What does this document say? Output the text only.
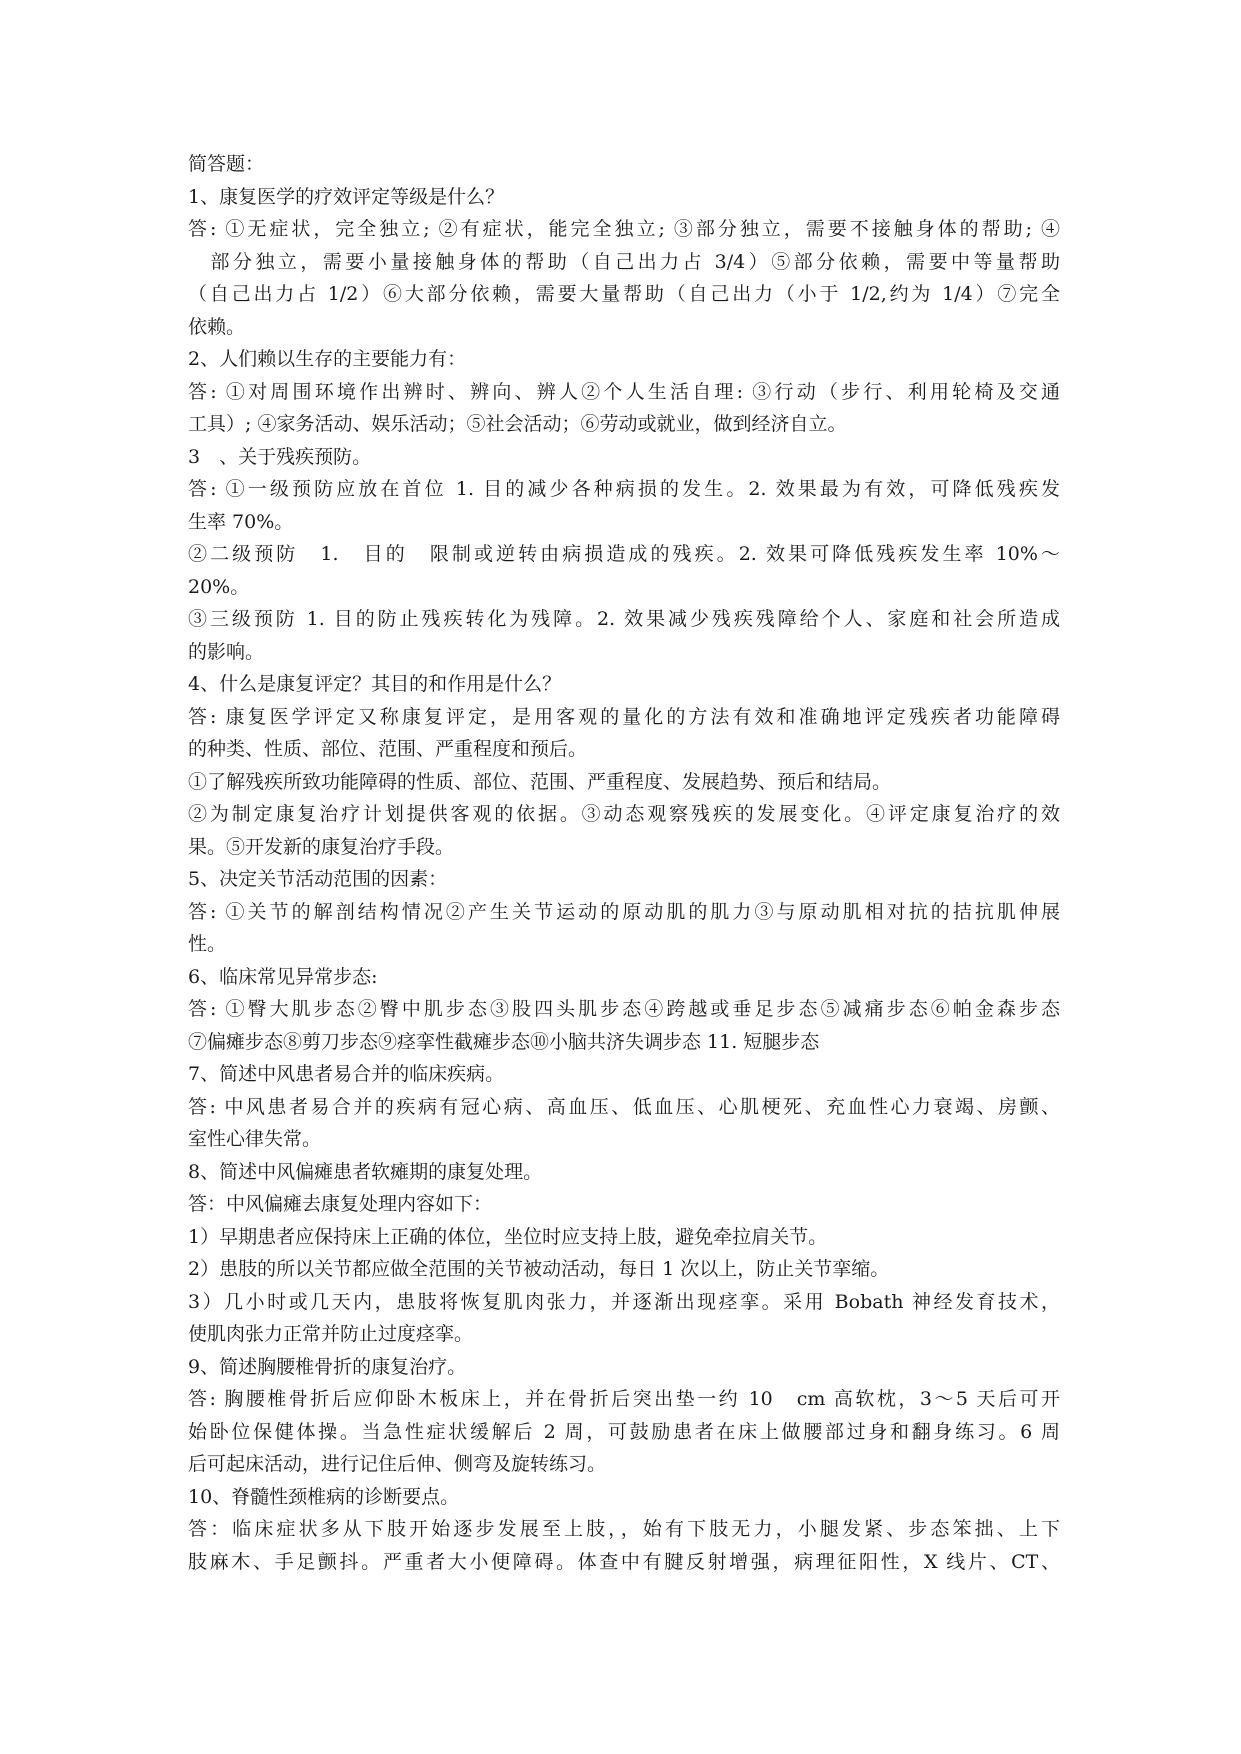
简答题：
1、康复医学的疗效评定等级是什么？
答: ①无症状，完全独立; ②有症状，能完全独立; ③部分独立，需要不接触身体的帮助; ④
　部分独立，需要小量接触身体的帮助（自己出力占 3/4）⑤部分依赖，需要中等量帮助
（自己出力占 1/2）⑥大部分依赖，需要大量帮助（自己出力（小于 1/2,约为 1/4）⑦完全
依赖。
2、人们赖以生存的主要能力有：
答: ①对周围环境作出辨时、辨向、辨人②个人生活自理: ③行动（步行、利用轮椅及交通
工具）; ④家务活动、娱乐活动；⑤社会活动；⑥劳动或就业，做到经济自立。
3　、关于残疾预防。
答: ①一级预防应放在首位 1. 目的减少各种病损的发生。2. 效果最为有效，可降低残疾发
生率 70%。
②二级预防　1.　目的　限制或逆转由病损造成的残疾。2. 效果可降低残疾发生率 10%～
20%。
③三级预防 1. 目的防止残疾转化为残障。2. 效果减少残疾残障给个人、家庭和社会所造成
的影响。
4、什么是康复评定？其目的和作用是什么？
答: 康复医学评定又称康复评定，是用客观的量化的方法有效和准确地评定残疾者功能障碍
的种类、性质、部位、范围、严重程度和预后。
①了解残疾所致功能障碍的性质、部位、范围、严重程度、发展趋势、预后和结局。
②为制定康复治疗计划提供客观的依据。③动态观察残疾的发展变化。④评定康复治疗的效
果。⑤开发新的康复治疗手段。
5、决定关节活动范围的因素：
答: ①关节的解剖结构情况②产生关节运动的原动肌的肌力③与原动肌相对抗的拮抗肌伸展
性。
6、临床常见异常步态:
答: ①臀大肌步态②臀中肌步态③股四头肌步态④跨越或垂足步态⑤减痛步态⑥帕金森步态
⑦偏瘫步态⑧剪刀步态⑨痉挛性截瘫步态⑩小脑共济失调步态 11. 短腿步态
7、简述中风患者易合并的临床疾病。
答: 中风患者易合并的疾病有冠心病、高血压、低血压、心肌梗死、充血性心力衰竭、房颤、
室性心律失常。
8、简述中风偏瘫患者软瘫期的康复处理。
答：中风偏瘫去康复处理内容如下：
1）早期患者应保持床上正确的体位，坐位时应支持上肢，避免牵拉肩关节。
2）患肢的所以关节都应做全范围的关节被动活动，每日 1 次以上，防止关节挛缩。
3）几小时或几天内，患肢将恢复肌肉张力，并逐渐出现痉挛。采用 Bobath 神经发育技术，
使肌肉张力正常并防止过度痉挛。
9、简述胸腰椎骨折的康复治疗。
答: 胸腰椎骨折后应仰卧木板床上，并在骨折后突出垫一约 10　cm 高软枕，3～5 天后可开
始卧位保健体操。当急性症状缓解后 2 周，可鼓励患者在床上做腰部过身和翻身练习。6 周
后可起床活动，进行记住后伸、侧弯及旋转练习。
10、脊髓性颈椎病的诊断要点。
答：临床症状多从下肢开始逐步发展至上肢，，始有下肢无力，小腿发紧、步态笨拙、上下
肢麻木、手足颤抖。严重者大小便障碍。体查中有腱反射增强，病理征阳性，X 线片、CT、
